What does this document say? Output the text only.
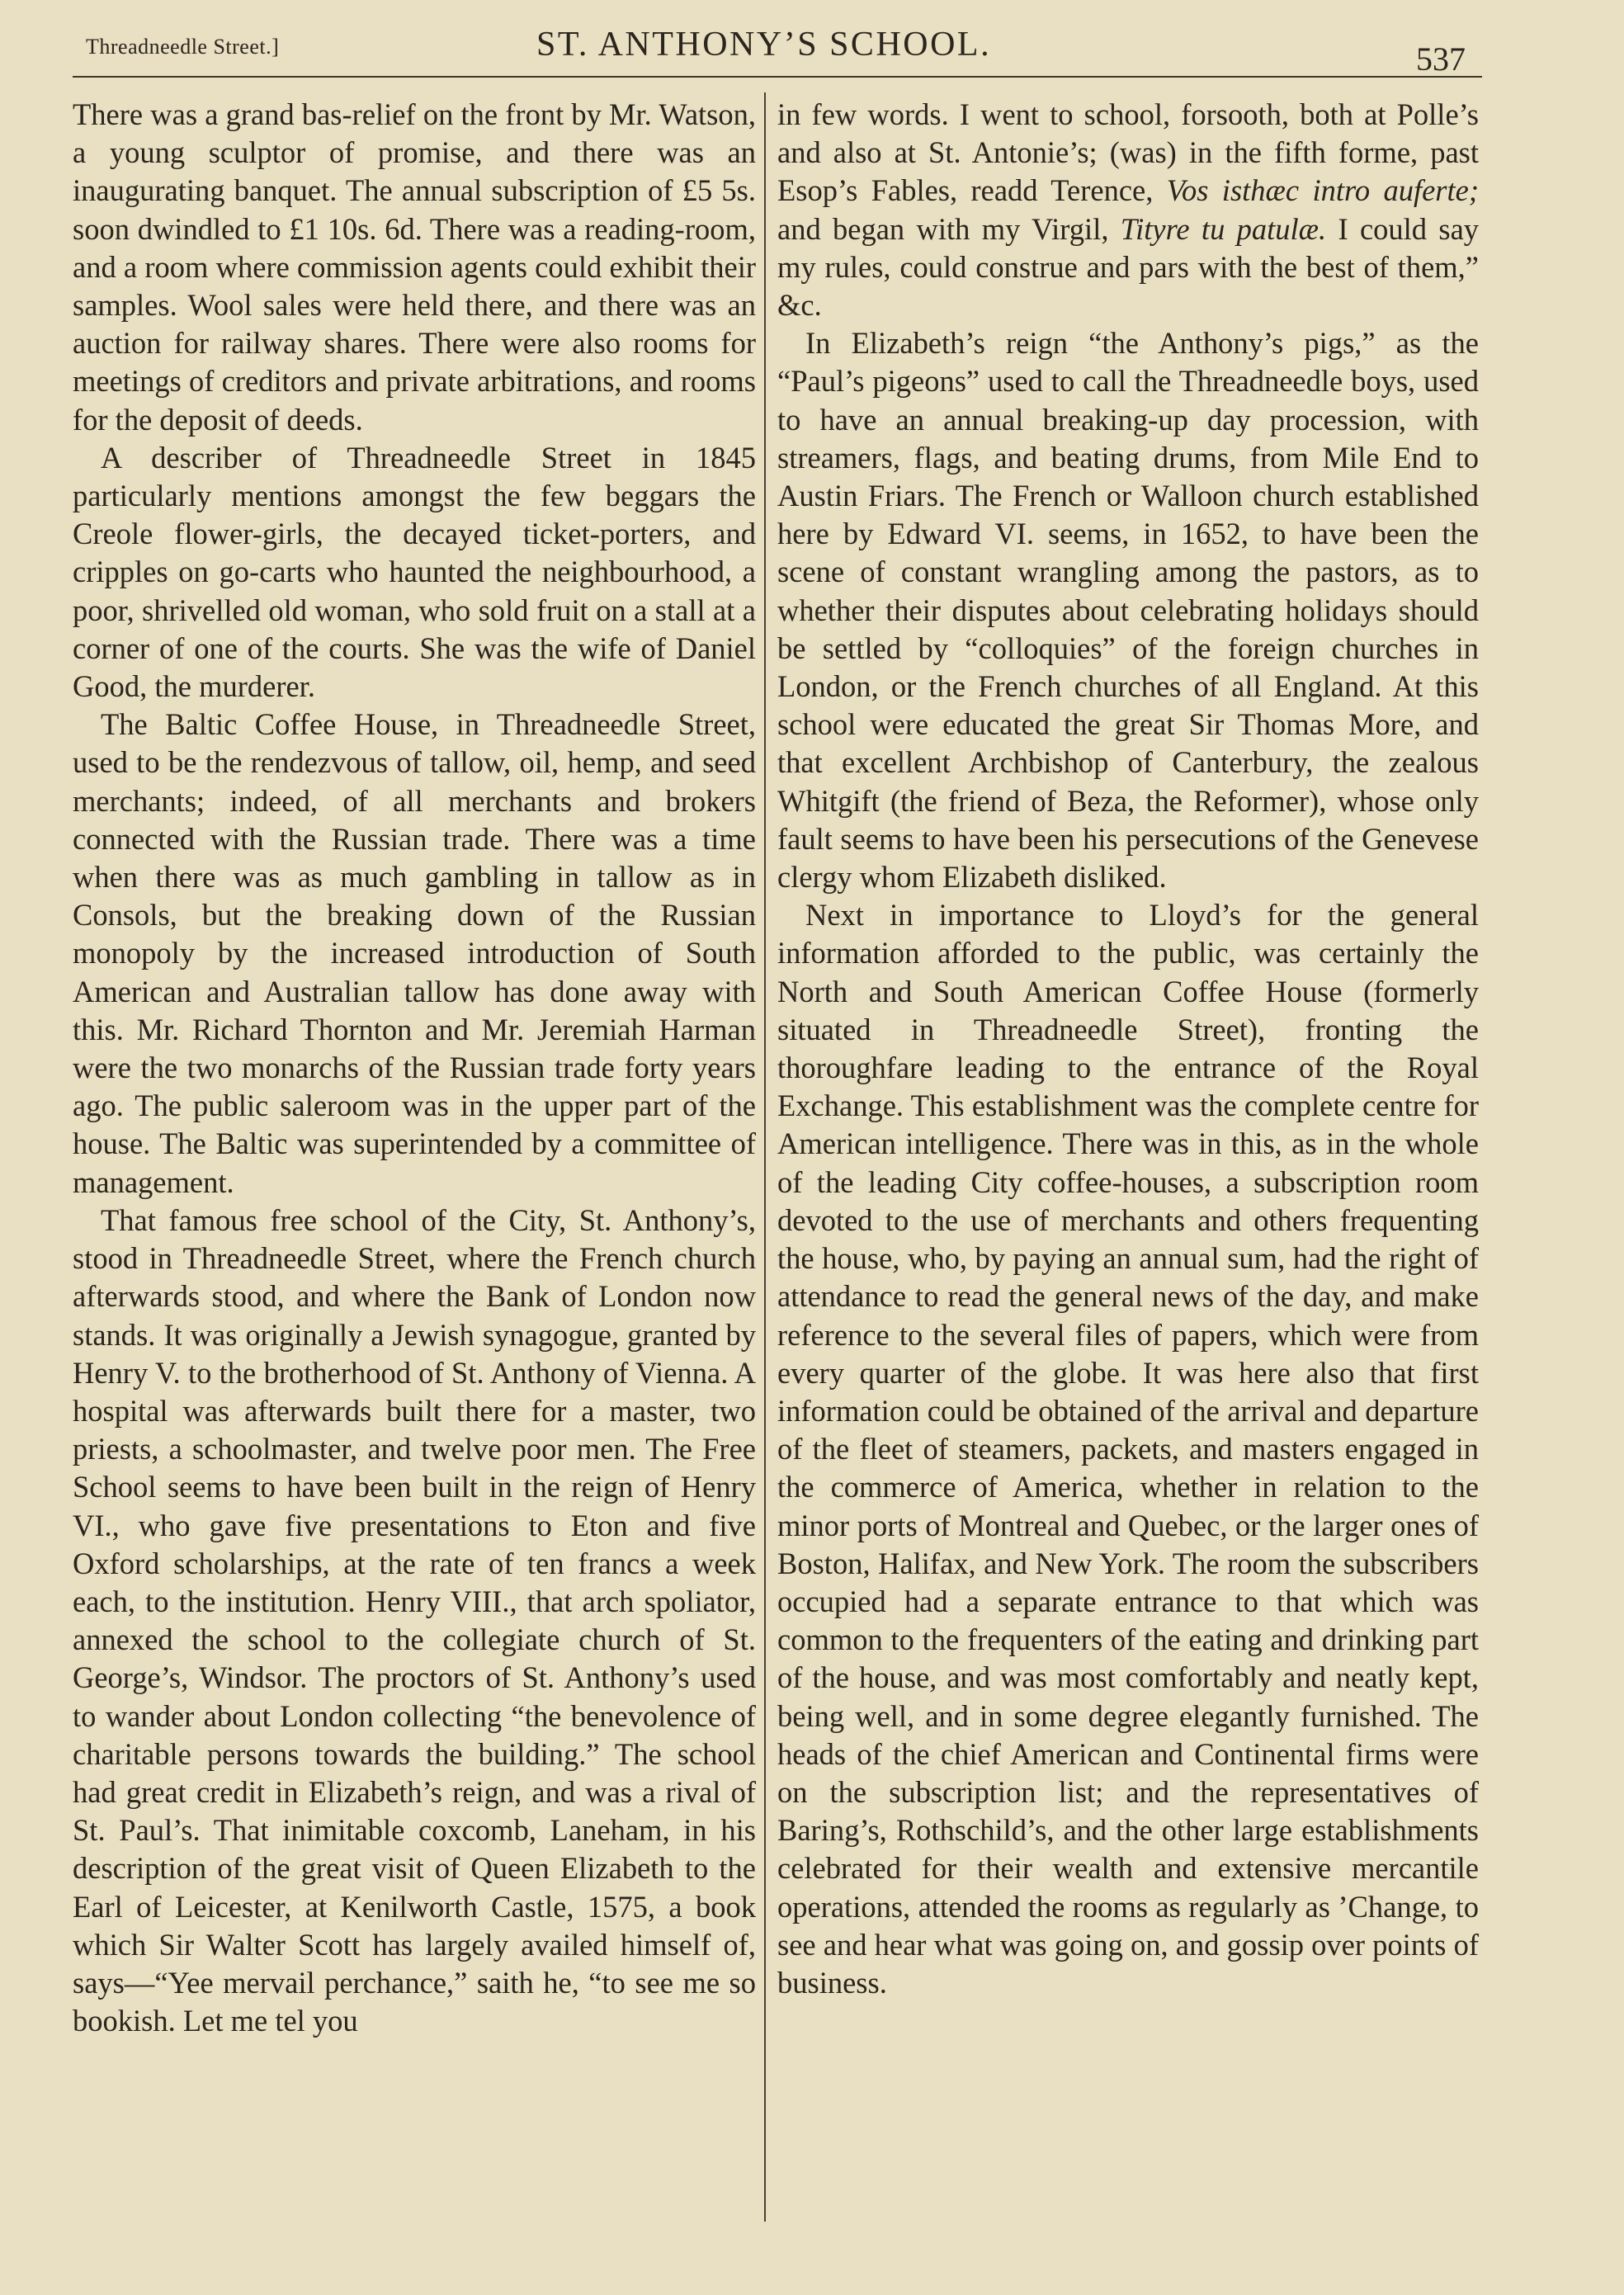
Threadneedle Street.]	ST. ANTHONY’S SCHOOL.	537

There was a grand bas-relief on the front by Mr. Watson, a young sculptor of promise, and there was an inaugurating banquet. The annual subscription of £5 5s. soon dwindled to £1 10s. 6d. There was a reading-room, and a room where commission agents could exhibit their samples. Wool sales were held there, and there was an auction for railway shares. There were also rooms for meetings of creditors and private arbitrations, and rooms for the deposit of deeds.

A describer of Threadneedle Street in 1845 particularly mentions amongst the few beggars the Creole flower-girls, the decayed ticket-porters, and cripples on go-carts who haunted the neighbourhood, a poor, shrivelled old woman, who sold fruit on a stall at a corner of one of the courts. She was the wife of Daniel Good, the murderer.

The Baltic Coffee House, in Threadneedle Street, used to be the rendezvous of tallow, oil, hemp, and seed merchants; indeed, of all merchants and brokers connected with the Russian trade. There was a time when there was as much gambling in tallow as in Consols, but the breaking down of the Russian monopoly by the increased introduction of South American and Australian tallow has done away with this. Mr. Richard Thornton and Mr. Jeremiah Harman were the two monarchs of the Russian trade forty years ago. The public saleroom was in the upper part of the house. The Baltic was superintended by a committee of management.

That famous free school of the City, St. Anthony’s, stood in Threadneedle Street, where the French church afterwards stood, and where the Bank of London now stands. It was originally a Jewish synagogue, granted by Henry V. to the brotherhood of St. Anthony of Vienna. A hospital was afterwards built there for a master, two priests, a schoolmaster, and twelve poor men. The Free School seems to have been built in the reign of Henry VI., who gave five presentations to Eton and five Oxford scholarships, at the rate of ten francs a week each, to the institution. Henry VIII., that arch spoliator, annexed the school to the collegiate church of St. George’s, Windsor. The proctors of St. Anthony’s used to wander about London collecting “the benevolence of charitable persons towards the building.” The school had great credit in Elizabeth’s reign, and was a rival of St. Paul’s. That inimitable coxcomb, Laneham, in his description of the great visit of Queen Elizabeth to the Earl of Leicester, at Kenilworth Castle, 1575, a book which Sir Walter Scott has largely availed himself of, says—“Yee mervail perchance,” saith he, “to see me so bookish. Let me tel you

in few words. I went to school, forsooth, both at Polle’s and also at St. Antonie’s; (was) in the fifth forme, past Esop’s Fables, readd Terence, Vos isthæc intro auferte; and began with my Virgil, Tityre tu patulæ. I could say my rules, could construe and pars with the best of them,” &c.

In Elizabeth’s reign “the Anthony’s pigs,” as the “Paul’s pigeons” used to call the Threadneedle boys, used to have an annual breaking-up day procession, with streamers, flags, and beating drums, from Mile End to Austin Friars. The French or Walloon church established here by Edward VI. seems, in 1652, to have been the scene of constant wrangling among the pastors, as to whether their disputes about celebrating holidays should be settled by “colloquies” of the foreign churches in London, or the French churches of all England. At this school were educated the great Sir Thomas More, and that excellent Archbishop of Canterbury, the zealous Whitgift (the friend of Beza, the Reformer), whose only fault seems to have been his persecutions of the Genevese clergy whom Elizabeth disliked.

Next in importance to Lloyd’s for the general information afforded to the public, was certainly the North and South American Coffee House (formerly situated in Threadneedle Street), fronting the thoroughfare leading to the entrance of the Royal Exchange. This establishment was the complete centre for American intelligence. There was in this, as in the whole of the leading City coffee-houses, a subscription room devoted to the use of merchants and others frequenting the house, who, by paying an annual sum, had the right of attendance to read the general news of the day, and make reference to the several files of papers, which were from every quarter of the globe. It was here also that first information could be obtained of the arrival and departure of the fleet of steamers, packets, and masters engaged in the commerce of America, whether in relation to the minor ports of Montreal and Quebec, or the larger ones of Boston, Halifax, and New York. The room the subscribers occupied had a separate entrance to that which was common to the frequenters of the eating and drinking part of the house, and was most comfortably and neatly kept, being well, and in some degree elegantly furnished. The heads of the chief American and Continental firms were on the subscription list; and the representatives of Baring’s, Rothschild’s, and the other large establishments celebrated for their wealth and extensive mercantile operations, attended the rooms as regularly as ’Change, to see and hear what was going on, and gossip over points of business.
